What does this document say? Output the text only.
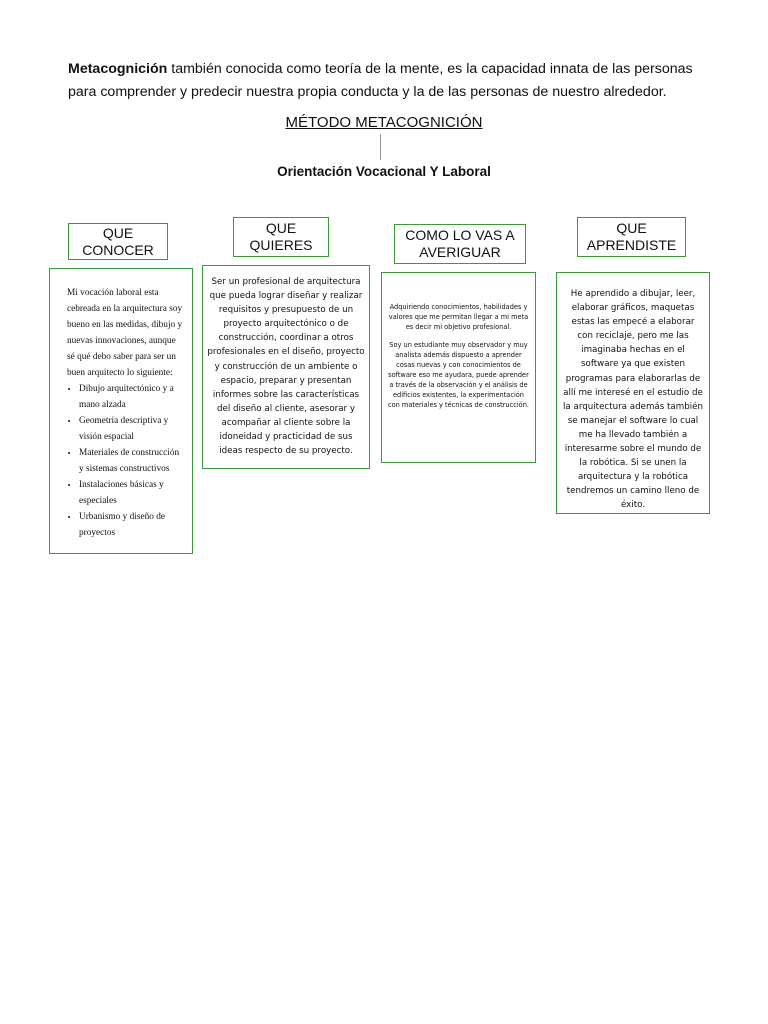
Metacognición también conocida como teoría de la mente, es la capacidad innata de las personas para comprender y predecir nuestra propia conducta y la de las personas de nuestro alrededor.
MÉTODO METACOGNICIÓN
Orientación Vocacional Y Laboral
QUE CONOCER
Mi vocación laboral esta cebreada en la arquitectura soy bueno en las medidas, dibujo y nuevas innovaciones, aunque sé qué debo saber para ser un buen arquitecto lo siguiente:
• Dibujo arquitectónico y a mano alzada
• Geometría descriptiva y visión espacial
• Materiales de construcción y sistemas constructivos
• Instalaciones básicas y especiales
• Urbanismo y diseño de proyectos
QUE QUIERES
Ser un profesional de arquitectura que pueda lograr diseñar y realizar requisitos y presupuesto de un proyecto arquitectónico o de construcción, coordinar a otros profesionales en el diseño, proyecto y construcción de un ambiente o espacio, preparar y presentan informes sobre las características del diseño al cliente, asesorar y acompañar al cliente sobre la idoneidad y practicidad de sus ideas respecto de su proyecto.
COMO LO VAS A AVERIGUAR

Adquiriendo conocimientos, habilidades y valores que me permitan llegar a mi meta es decir mi objetivo profesional.

Soy un estudiante muy observador y muy analista además dispuesto a aprender cosas nuevas y con conocimientos de software eso me ayudara, puede aprender a través de la observación y el análisis de edificios existentes, la experimentación con materiales y técnicas de construcción.

QUE APRENDISTE
He aprendido a dibujar, leer, elaborar gráficos, maquetas estas las empecé a elaborar con reciclaje, pero me las imaginaba hechas en el software ya que existen programas para elaborarlas de allí me interesé en el estudio de la arquitectura además también se manejar el software lo cual me ha llevado también a interesarme sobre el mundo de la robótica. Si se unen la arquitectura y la robótica tendremos un camino lleno de éxito.
